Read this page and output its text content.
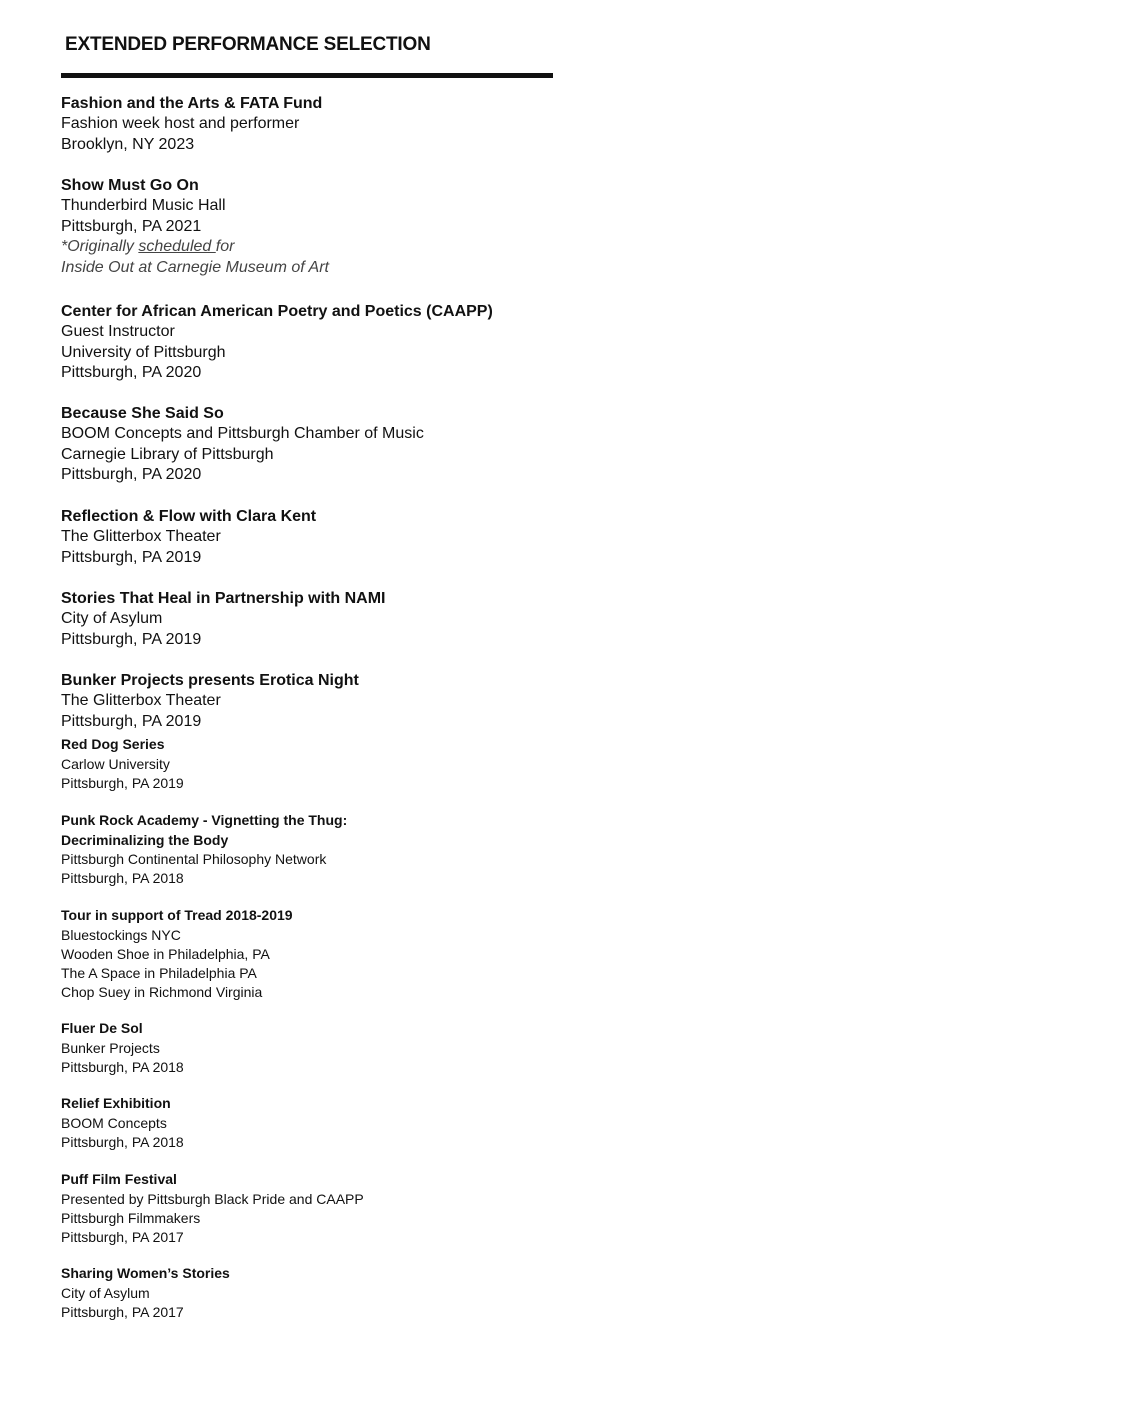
EXTENDED PERFORMANCE SELECTION
Fashion and the Arts & FATA Fund
Fashion week host and performer
Brooklyn, NY 2023
Show Must Go On
Thunderbird Music Hall
Pittsburgh, PA 2021
*Originally scheduled for
Inside Out at Carnegie Museum of Art
Center for African American Poetry and Poetics (CAAPP)
Guest Instructor
University of Pittsburgh
Pittsburgh, PA 2020
Because She Said So
BOOM Concepts and Pittsburgh Chamber of Music
Carnegie Library of Pittsburgh
Pittsburgh, PA 2020
Reflection & Flow with Clara Kent
The Glitterbox Theater
Pittsburgh, PA 2019
Stories That Heal in Partnership with NAMI
City of Asylum
Pittsburgh, PA 2019
Bunker Projects presents Erotica Night
The Glitterbox Theater
Pittsburgh, PA 2019
Red Dog Series
Carlow University
Pittsburgh, PA 2019
Punk Rock Academy - Vignetting the Thug:
Decriminalizing the Body
Pittsburgh Continental Philosophy Network
Pittsburgh, PA 2018
Tour in support of Tread 2018-2019
Bluestockings NYC
Wooden Shoe in Philadelphia, PA
The A Space in Philadelphia PA
Chop Suey in Richmond Virginia
Fluer De Sol
Bunker Projects
Pittsburgh, PA 2018
Relief Exhibition
BOOM Concepts
Pittsburgh, PA 2018
Puff Film Festival
Presented by Pittsburgh Black Pride and CAAPP
Pittsburgh Filmmakers
Pittsburgh, PA 2017
Sharing Women’s Stories
City of Asylum
Pittsburgh, PA 2017
